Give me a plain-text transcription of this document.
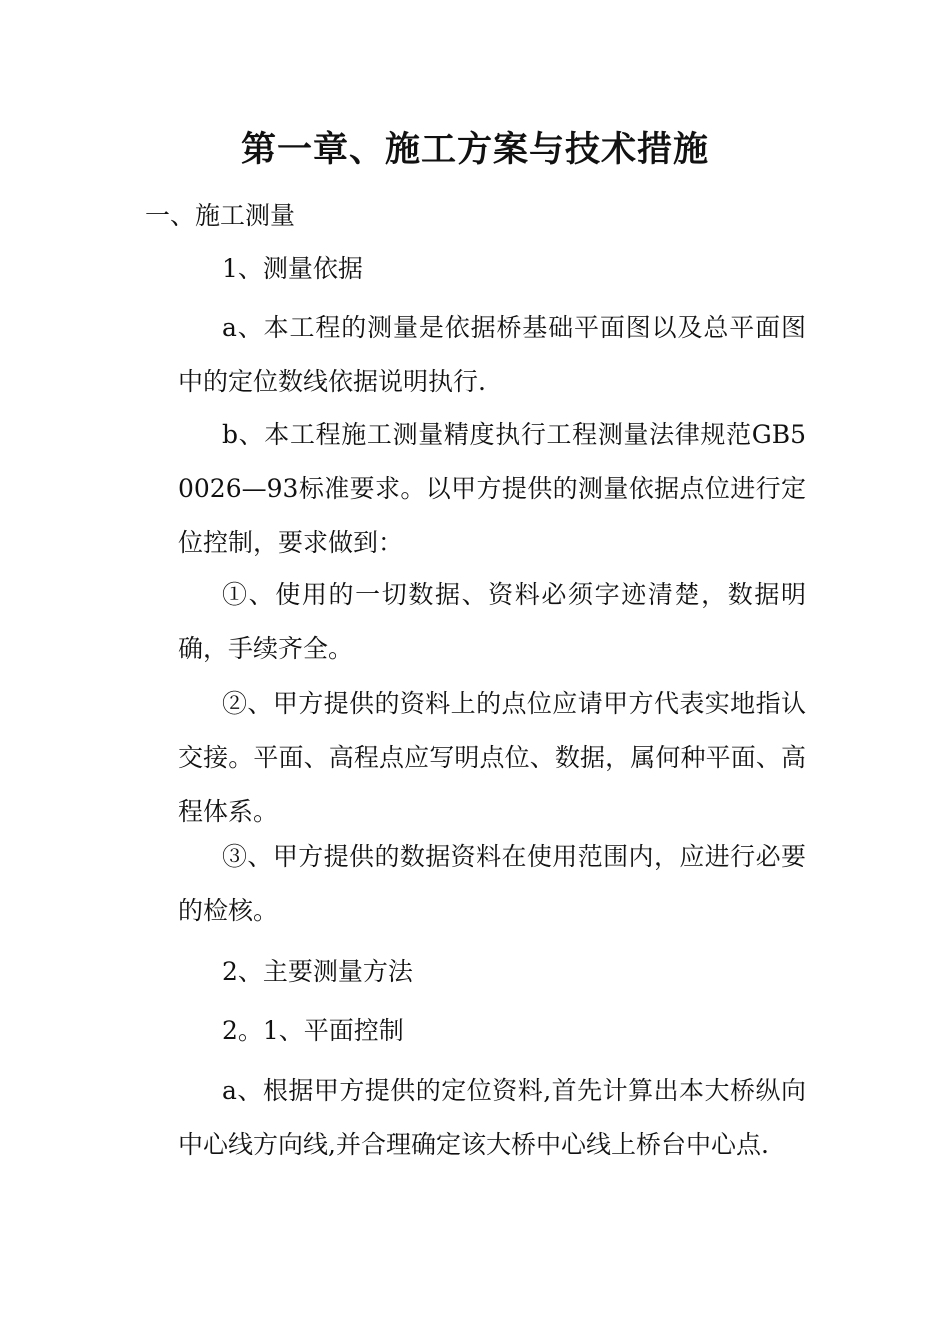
第一章、施工方案与技术措施

一、施工测量

1、测量依据

a、本工程的测量是依据桥基础平面图以及总平面图中的定位数线依据说明执行.

b、本工程施工测量精度执行工程测量法律规范GB50026—93标准要求。以甲方提供的测量依据点位进行定位控制，要求做到：

①、使用的一切数据、资料必须字迹清楚，数据明确，手续齐全。

②、甲方提供的资料上的点位应请甲方代表实地指认交接。平面、高程点应写明点位、数据，属何种平面、高程体系。

③、甲方提供的数据资料在使用范围内，应进行必要的检核。

2、主要测量方法

2。1、平面控制

a、根据甲方提供的定位资料,首先计算出本大桥纵向中心线方向线,并合理确定该大桥中心线上桥台中心点.
